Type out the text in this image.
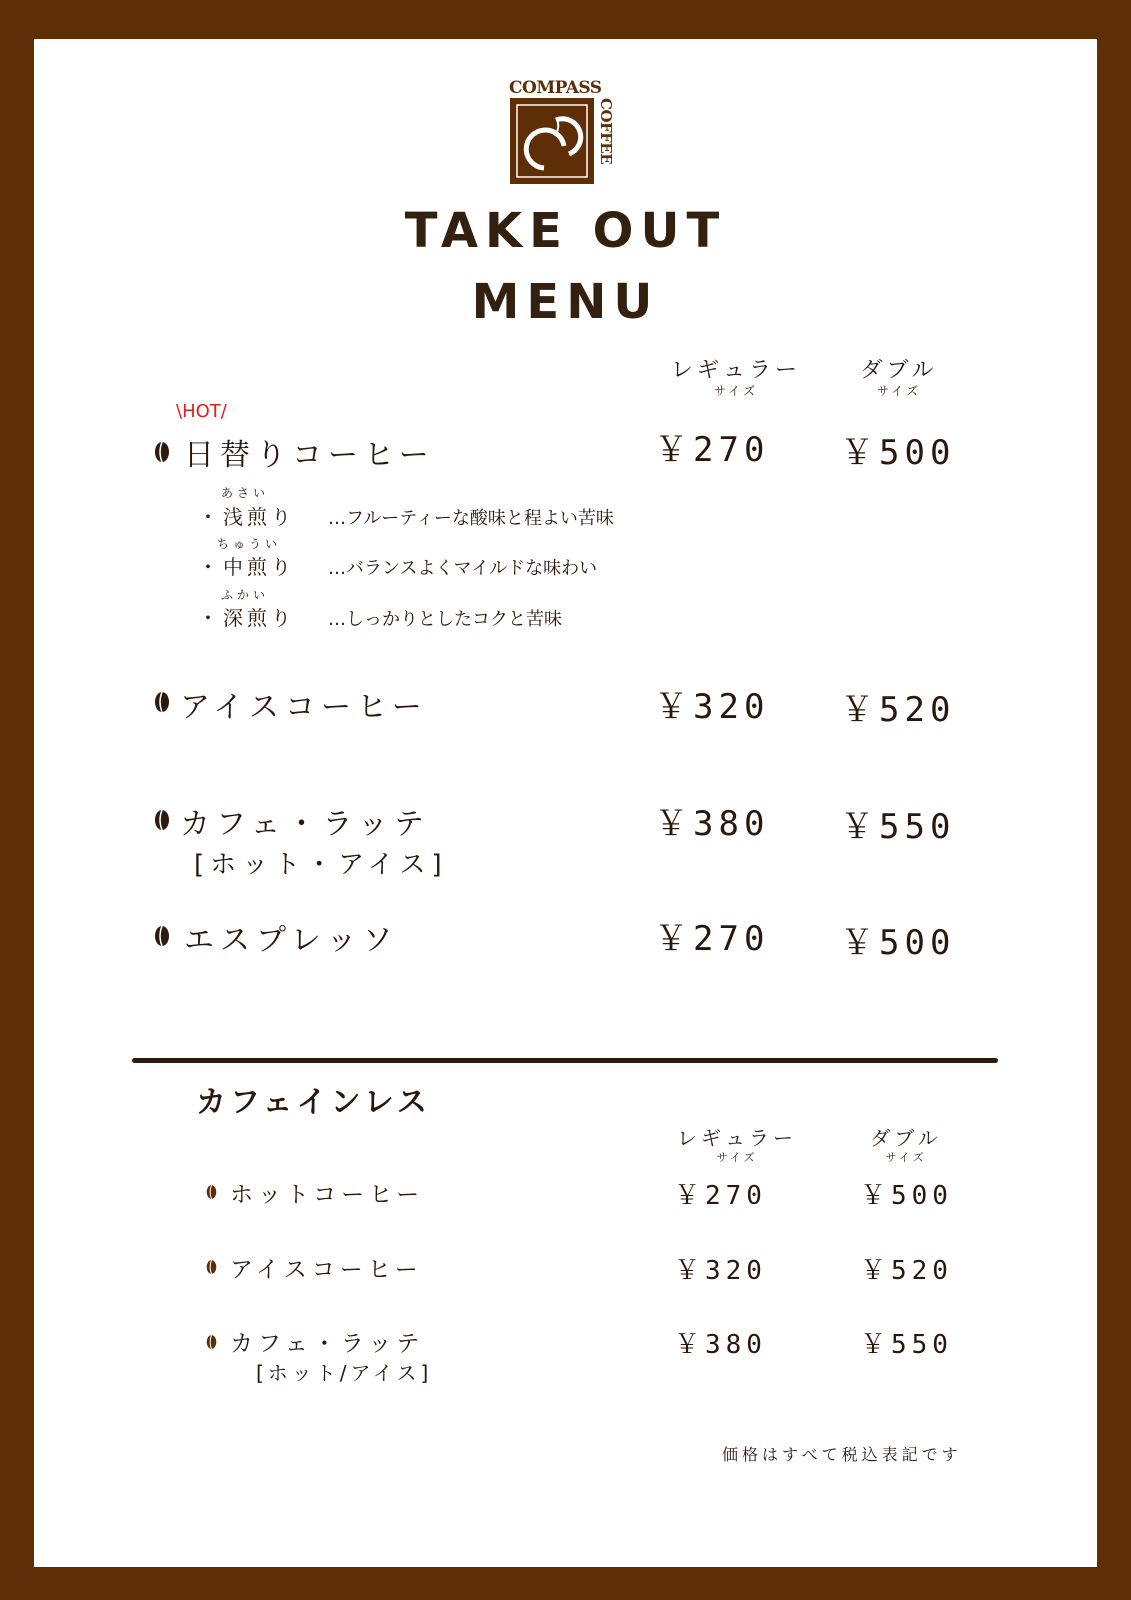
COMPASS
COFFEE
TAKE OUT
MENU
レギュラー
サイズ
ダブル
サイズ
\HOT/
日替りコーヒー	￥270 ￥500
あさい
・ 浅煎り …フルーティーな酸味と程よい苦味
ちゅうい
・ 中煎り …バランスよくマイルドな味わい
ふかい
・ 深煎り …しっかりとしたコクと苦味
アイスコーヒー	￥320 ￥520
カフェ・ラッテ
[ホット・アイス]
￥380 ￥550
エスプレッソ	￥270 ￥500
カフェインレス
レギュラー
サイズ
ダブル
サイズ
ホットコーヒー	￥270	￥500
アイスコーヒー	￥320	￥520
カフェ・ラッテ
[ホット/アイス]
￥380	￥550
価格はすべて税込表記です
